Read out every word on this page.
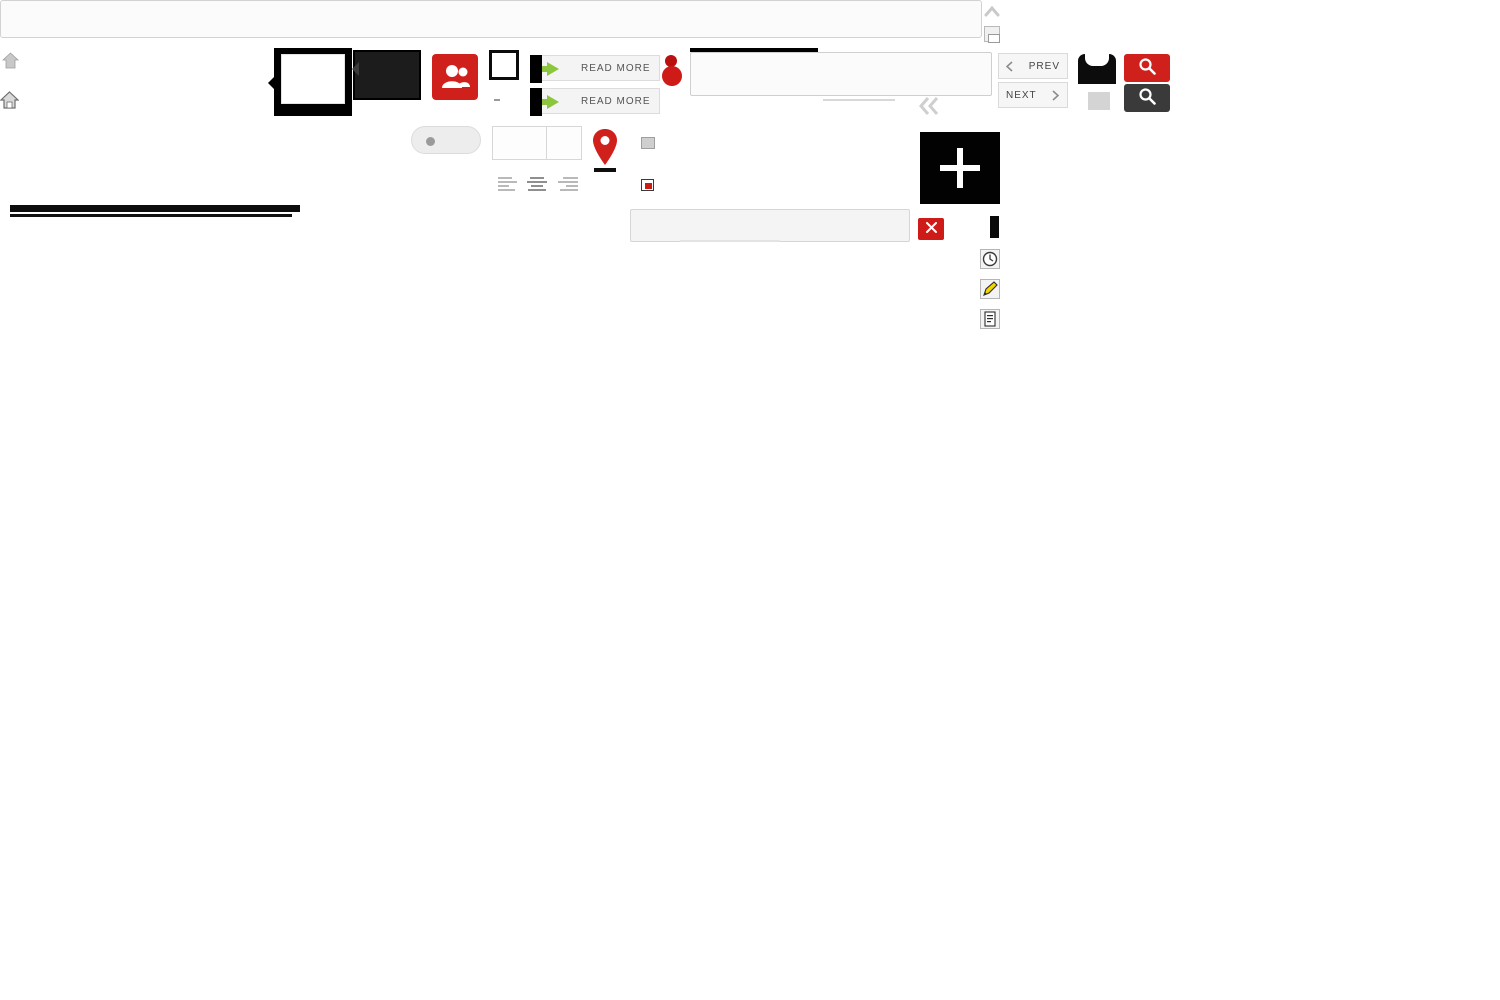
READ MORE
READ MORE
PREV
NEXT
